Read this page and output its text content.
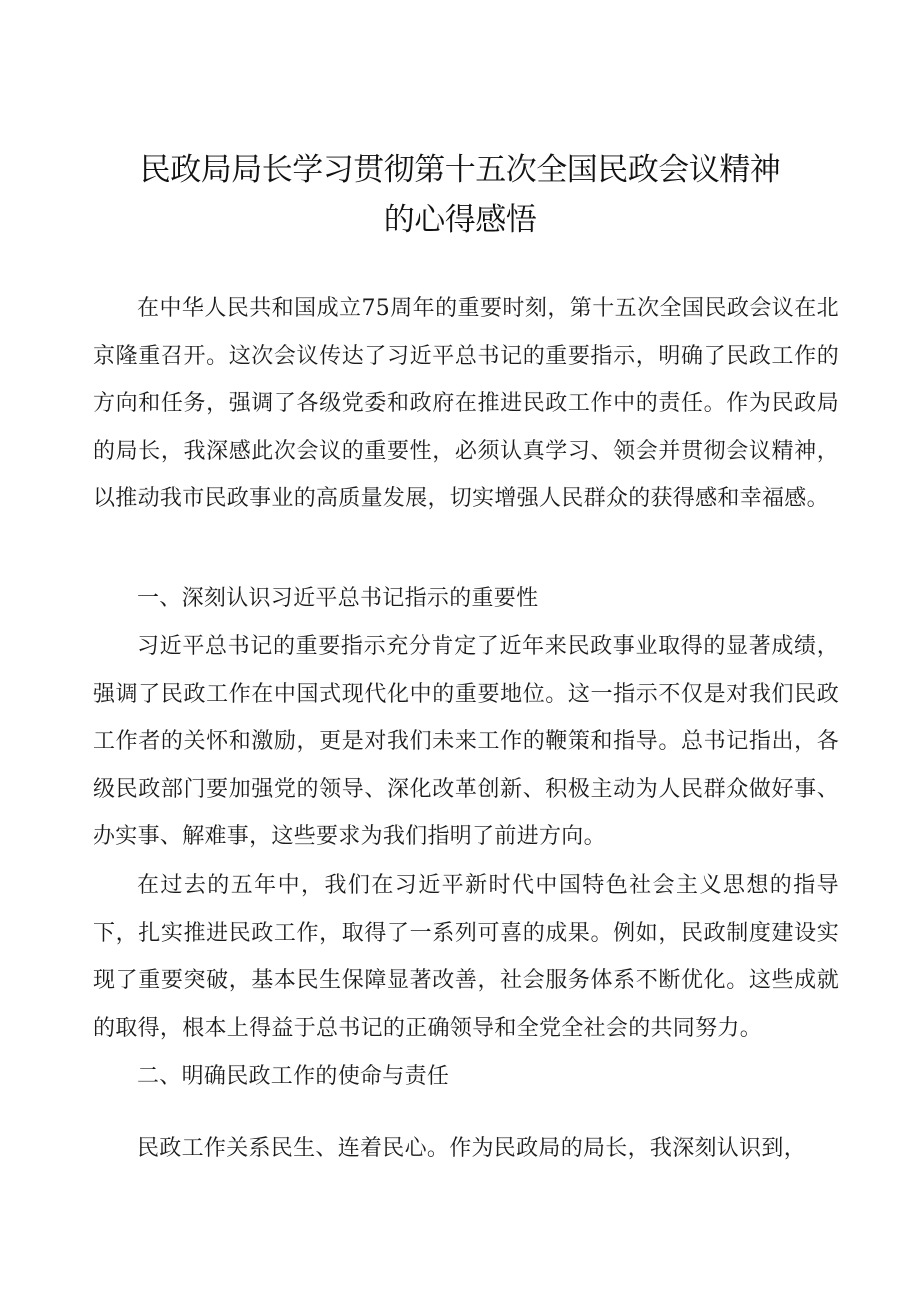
民政局局长学习贯彻第十五次全国民政会议精神
的心得感悟

在中华人民共和国成立75周年的重要时刻，第十五次全国民政会议在北京隆重召开。这次会议传达了习近平总书记的重要指示，明确了民政工作的方向和任务，强调了各级党委和政府在推进民政工作中的责任。作为民政局的局长，我深感此次会议的重要性，必须认真学习、领会并贯彻会议精神，以推动我市民政事业的高质量发展，切实增强人民群众的获得感和幸福感。

一、深刻认识习近平总书记指示的重要性

习近平总书记的重要指示充分肯定了近年来民政事业取得的显著成绩，强调了民政工作在中国式现代化中的重要地位。这一指示不仅是对我们民政工作者的关怀和激励，更是对我们未来工作的鞭策和指导。总书记指出，各级民政部门要加强党的领导、深化改革创新、积极主动为人民群众做好事、办实事、解难事，这些要求为我们指明了前进方向。

在过去的五年中，我们在习近平新时代中国特色社会主义思想的指导下，扎实推进民政工作，取得了一系列可喜的成果。例如，民政制度建设实现了重要突破，基本民生保障显著改善，社会服务体系不断优化。这些成就的取得，根本上得益于总书记的正确领导和全党全社会的共同努力。

二、明确民政工作的使命与责任

民政工作关系民生、连着民心。作为民政局的局长，我深刻认识到，
